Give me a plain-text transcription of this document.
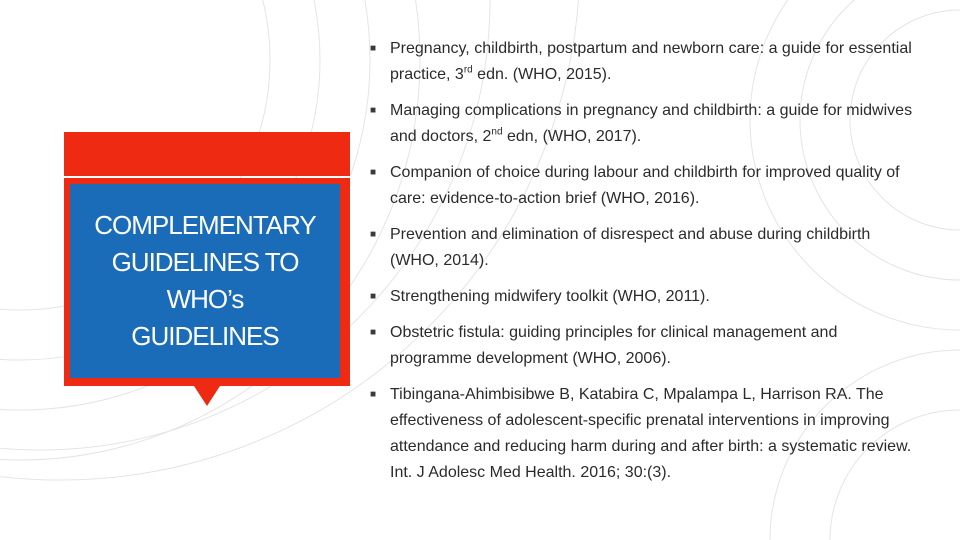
COMPLEMENTARY
GUIDELINES TO
WHO’s
GUIDELINES
■ Pregnancy, childbirth, postpartum and newborn care: a guide for essential practice, 3rd edn. (WHO, 2015).
■ Managing complications in pregnancy and childbirth: a guide for midwives and doctors, 2nd edn, (WHO, 2017).
■ Companion of choice during labour and childbirth for improved quality of care: evidence-to-action brief (WHO, 2016).
■ Prevention and elimination of disrespect and abuse during childbirth (WHO, 2014).
■ Strengthening midwifery toolkit (WHO, 2011).
■ Obstetric fistula: guiding principles for clinical management and programme development (WHO, 2006).
■ Tibingana-Ahimbisibwe B, Katabira C, Mpalampa L, Harrison RA. The effectiveness of adolescent-specific prenatal interventions in improving attendance and reducing harm during and after birth: a systematic review. Int. J Adolesc Med Health. 2016; 30:(3).
